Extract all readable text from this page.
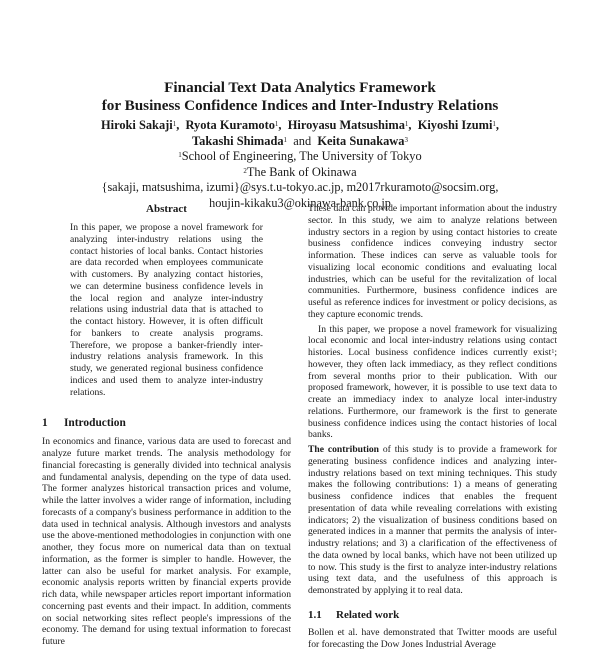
Financial Text Data Analytics Framework
for Business Confidence Indices and Inter-Industry Relations
Hiroki Sakaji$^1$, Ryota Kuramoto$^1$, Hiroyasu Matsushima$^1$, Kiyoshi Izumi$^1$,
Takashi Shimada$^1$ and Keita Sunakawa$^3$
$^1$School of Engineering, The University of Tokyo
$^2$The Bank of Okinawa
{sakaji, matsushima, izumi}@sys.t.u-tokyo.ac.jp, m2017rkuramoto@socsim.org,
houjin-kikaku3@okinawa-bank.co.jp
Abstract

In this paper, we propose a novel framework for analyzing inter-industry relations using the contact histories of local banks. Contact histories are data recorded when employees communicate with customers. By analyzing contact histories, we can determine business confidence levels in the local region and analyze inter-industry relations using industrial data that is attached to the contact history. However, it is often difficult for bankers to create analysis programs. Therefore, we propose a banker-friendly inter-industry relations analysis framework. In this study, we generated regional business confidence indices and used them to analyze inter-industry relations.

1 Introduction

In economics and finance, various data are used to forecast and analyze future market trends. The analysis methodology for financial forecasting is generally divided into technical analysis and fundamental analysis, depending on the type of data used. The former analyzes historical transaction prices and volume, while the latter involves a wider range of information, including forecasts of a company's business performance in addition to the data used in technical analysis. Although investors and analysts use the above-mentioned methodologies in conjunction with one another, they focus more on numerical data than on textual information, as the former is simpler to handle. However, the latter can also be useful for market analysis. For example, economic analysis reports written by financial experts provide rich data, while newspaper articles report important information concerning past events and their impact. In addition, comments on social networking sites reflect people's impressions of the economy. The demand for using textual information to forecast future

These data can provide important information about the industry sector. In this study, we aim to analyze relations between industry sectors in a region by using contact histories to create business confidence indices conveying industry sector information. These indices can serve as valuable tools for visualizing local economic conditions and evaluating local industries, which can be useful for the revitalization of local communities. Furthermore, business confidence indices are useful as reference indices for investment or policy decisions, as they capture economic trends.

In this paper, we propose a novel framework for visualizing local economic and local inter-industry relations using contact histories. Local business confidence indices currently exist$^1$; however, they often lack immediacy, as they reflect conditions from several months prior to their publication. With our proposed framework, however, it is possible to use text data to create an immediacy index to analyze local inter-industry relations. Furthermore, our framework is the first to generate business confidence indices using the contact histories of local banks.

The contribution of this study is to provide a framework for generating business confidence indices and analyzing inter-industry relations based on text mining techniques. This study makes the following contributions: 1) a means of generating business confidence indices that enables the frequent presentation of data while revealing correlations with existing indicators; 2) the visualization of business conditions based on generated indices in a manner that permits the analysis of inter-industry relations; and 3) a clarification of the effectiveness of the data owned by local banks, which have not been utilized up to now. This study is the first to analyze inter-industry relations using text data, and the usefulness of this approach is demonstrated by applying it to real data.

1.1 Related work

Bollen et al. have demonstrated that Twitter moods are useful for forecasting the Dow Jones Industrial Average
